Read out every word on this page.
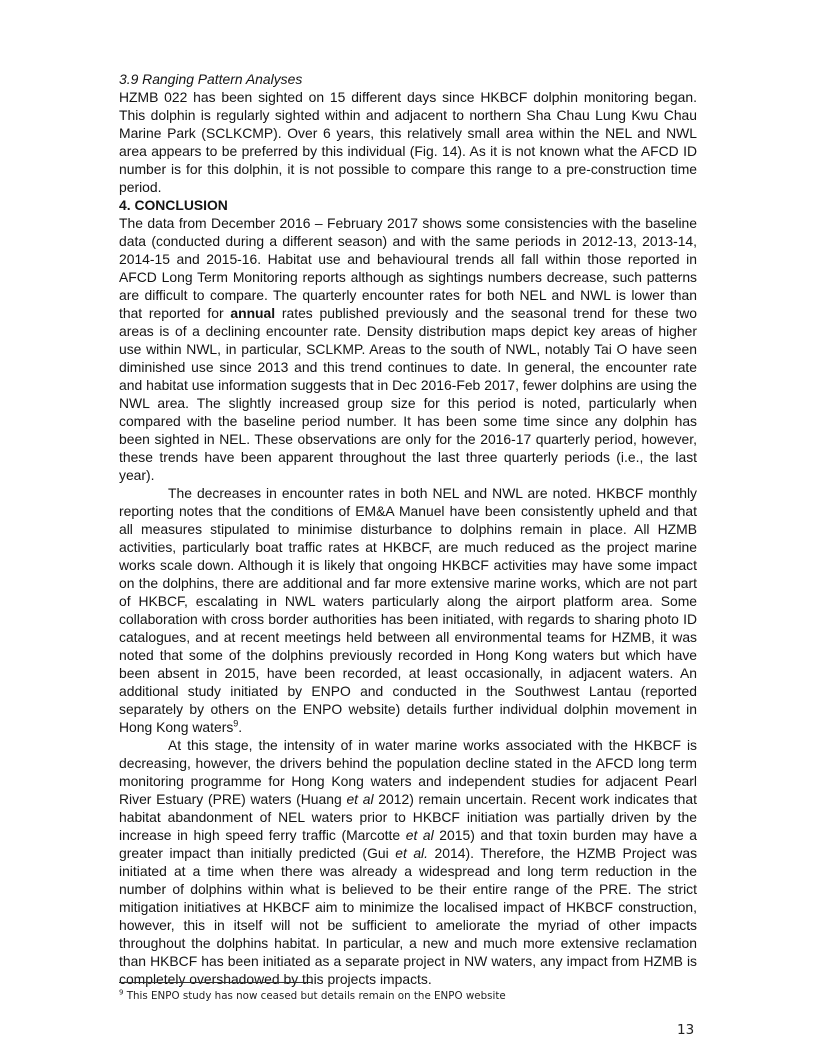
3.9 Ranging Pattern Analyses

HZMB 022 has been sighted on 15 different days since HKBCF dolphin monitoring began. This dolphin is regularly sighted within and adjacent to northern Sha Chau Lung Kwu Chau Marine Park (SCLKCMP). Over 6 years, this relatively small area within the NEL and NWL area appears to be preferred by this individual (Fig. 14). As it is not known what the AFCD ID number is for this dolphin, it is not possible to compare this range to a pre-construction time period.

4. CONCLUSION

The data from December 2016 – February 2017 shows some consistencies with the baseline data (conducted during a different season) and with the same periods in 2012-13, 2013-14, 2014-15 and 2015-16. Habitat use and behavioural trends all fall within those reported in AFCD Long Term Monitoring reports although as sightings numbers decrease, such patterns are difficult to compare. The quarterly encounter rates for both NEL and NWL is lower than that reported for annual rates published previously and the seasonal trend for these two areas is of a declining encounter rate. Density distribution maps depict key areas of higher use within NWL, in particular, SCLKMP. Areas to the south of NWL, notably Tai O have seen diminished use since 2013 and this trend continues to date. In general, the encounter rate and habitat use information suggests that in Dec 2016-Feb 2017, fewer dolphins are using the NWL area. The slightly increased group size for this period is noted, particularly when compared with the baseline period number. It has been some time since any dolphin has been sighted in NEL. These observations are only for the 2016-17 quarterly period, however, these trends have been apparent throughout the last three quarterly periods (i.e., the last year).

The decreases in encounter rates in both NEL and NWL are noted. HKBCF monthly reporting notes that the conditions of EM&A Manuel have been consistently upheld and that all measures stipulated to minimise disturbance to dolphins remain in place. All HZMB activities, particularly boat traffic rates at HKBCF, are much reduced as the project marine works scale down. Although it is likely that ongoing HKBCF activities may have some impact on the dolphins, there are additional and far more extensive marine works, which are not part of HKBCF, escalating in NWL waters particularly along the airport platform area. Some collaboration with cross border authorities has been initiated, with regards to sharing photo ID catalogues, and at recent meetings held between all environmental teams for HZMB, it was noted that some of the dolphins previously recorded in Hong Kong waters but which have been absent in 2015, have been recorded, at least occasionally, in adjacent waters. An additional study initiated by ENPO and conducted in the Southwest Lantau (reported separately by others on the ENPO website) details further individual dolphin movement in Hong Kong waters$^9$.

At this stage, the intensity of in water marine works associated with the HKBCF is decreasing, however, the drivers behind the population decline stated in the AFCD long term monitoring programme for Hong Kong waters and independent studies for adjacent Pearl River Estuary (PRE) waters (Huang et al 2012) remain uncertain. Recent work indicates that habitat abandonment of NEL waters prior to HKBCF initiation was partially driven by the increase in high speed ferry traffic (Marcotte et al 2015) and that toxin burden may have a greater impact than initially predicted (Gui et al. 2014). Therefore, the HZMB Project was initiated at a time when there was already a widespread and long term reduction in the number of dolphins within what is believed to be their entire range of the PRE. The strict mitigation initiatives at HKBCF aim to minimize the localised impact of HKBCF construction, however, this in itself will not be sufficient to ameliorate the myriad of other impacts throughout the dolphins habitat. In particular, a new and much more extensive reclamation than HKBCF has been initiated as a separate project in NW waters, any impact from HZMB is completely overshadowed by this projects impacts.

$^9$ This ENPO study has now ceased but details remain on the ENPO website
13
